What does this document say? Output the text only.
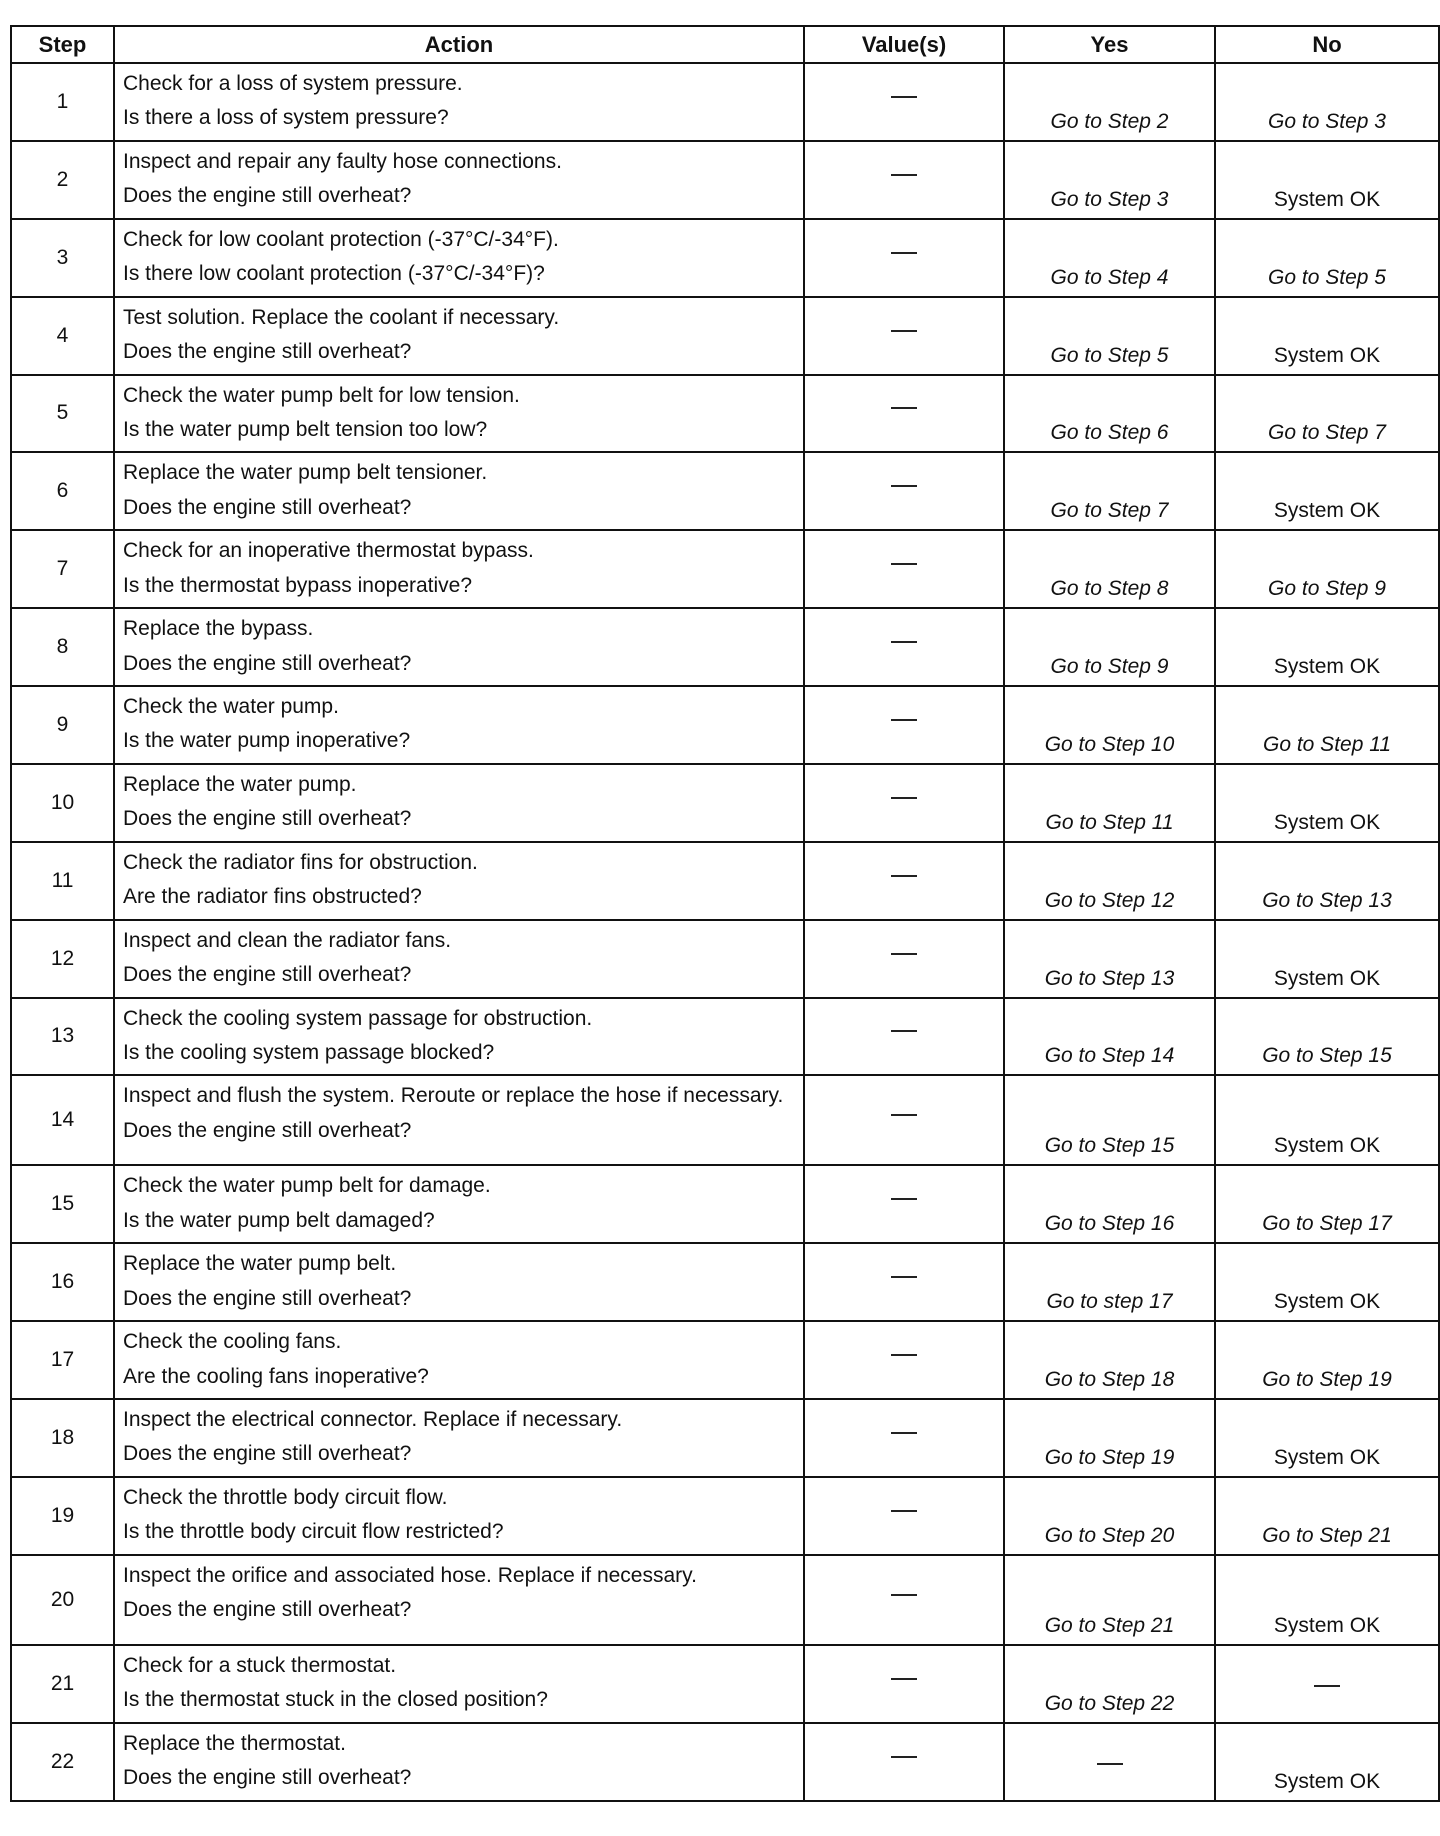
Step	Action	Value(s)	Yes	No
1	Check for a loss of system pressure.
Is there a loss of system pressure?		Go to Step 2	Go to Step 3
2	Inspect and repair any faulty hose connections.
Does the engine still overheat?		Go to Step 3	System OK
3	Check for low coolant protection (-37°C/-34°F).
Is there low coolant protection (-37°C/-34°F)?		Go to Step 4	Go to Step 5
4	Test solution. Replace the coolant if necessary.
Does the engine still overheat?		Go to Step 5	System OK
5	Check the water pump belt for low tension.
Is the water pump belt tension too low?		Go to Step 6	Go to Step 7
6	Replace the water pump belt tensioner.
Does the engine still overheat?		Go to Step 7	System OK
7	Check for an inoperative thermostat bypass.
Is the thermostat bypass inoperative?		Go to Step 8	Go to Step 9
8	Replace the bypass.
Does the engine still overheat?		Go to Step 9	System OK
9	Check the water pump.
Is the water pump inoperative?		Go to Step 10	Go to Step 11
10	Replace the water pump.
Does the engine still overheat?		Go to Step 11	System OK
11	Check the radiator fins for obstruction.
Are the radiator fins obstructed?		Go to Step 12	Go to Step 13
12	Inspect and clean the radiator fans.
Does the engine still overheat?		Go to Step 13	System OK
13	Check the cooling system passage for obstruction.
Is the cooling system passage blocked?		Go to Step 14	Go to Step 15
14	Inspect and flush the system. Reroute or replace the hose if necessary.
Does the engine still overheat?		Go to Step 15	System OK
15	Check the water pump belt for damage.
Is the water pump belt damaged?		Go to Step 16	Go to Step 17
16	Replace the water pump belt.
Does the engine still overheat?		Go to step 17	System OK
17	Check the cooling fans.
Are the cooling fans inoperative?		Go to Step 18	Go to Step 19
18	Inspect the electrical connector. Replace if necessary.
Does the engine still overheat?		Go to Step 19	System OK
19	Check the throttle body circuit flow.
Is the throttle body circuit flow restricted?		Go to Step 20	Go to Step 21
20	Inspect the orifice and associated hose. Replace if necessary.
Does the engine still overheat?		Go to Step 21	System OK
21	Check for a stuck thermostat.
Is the thermostat stuck in the closed position?		Go to Step 22	
22	Replace the thermostat.
Does the engine still overheat?			System OK
